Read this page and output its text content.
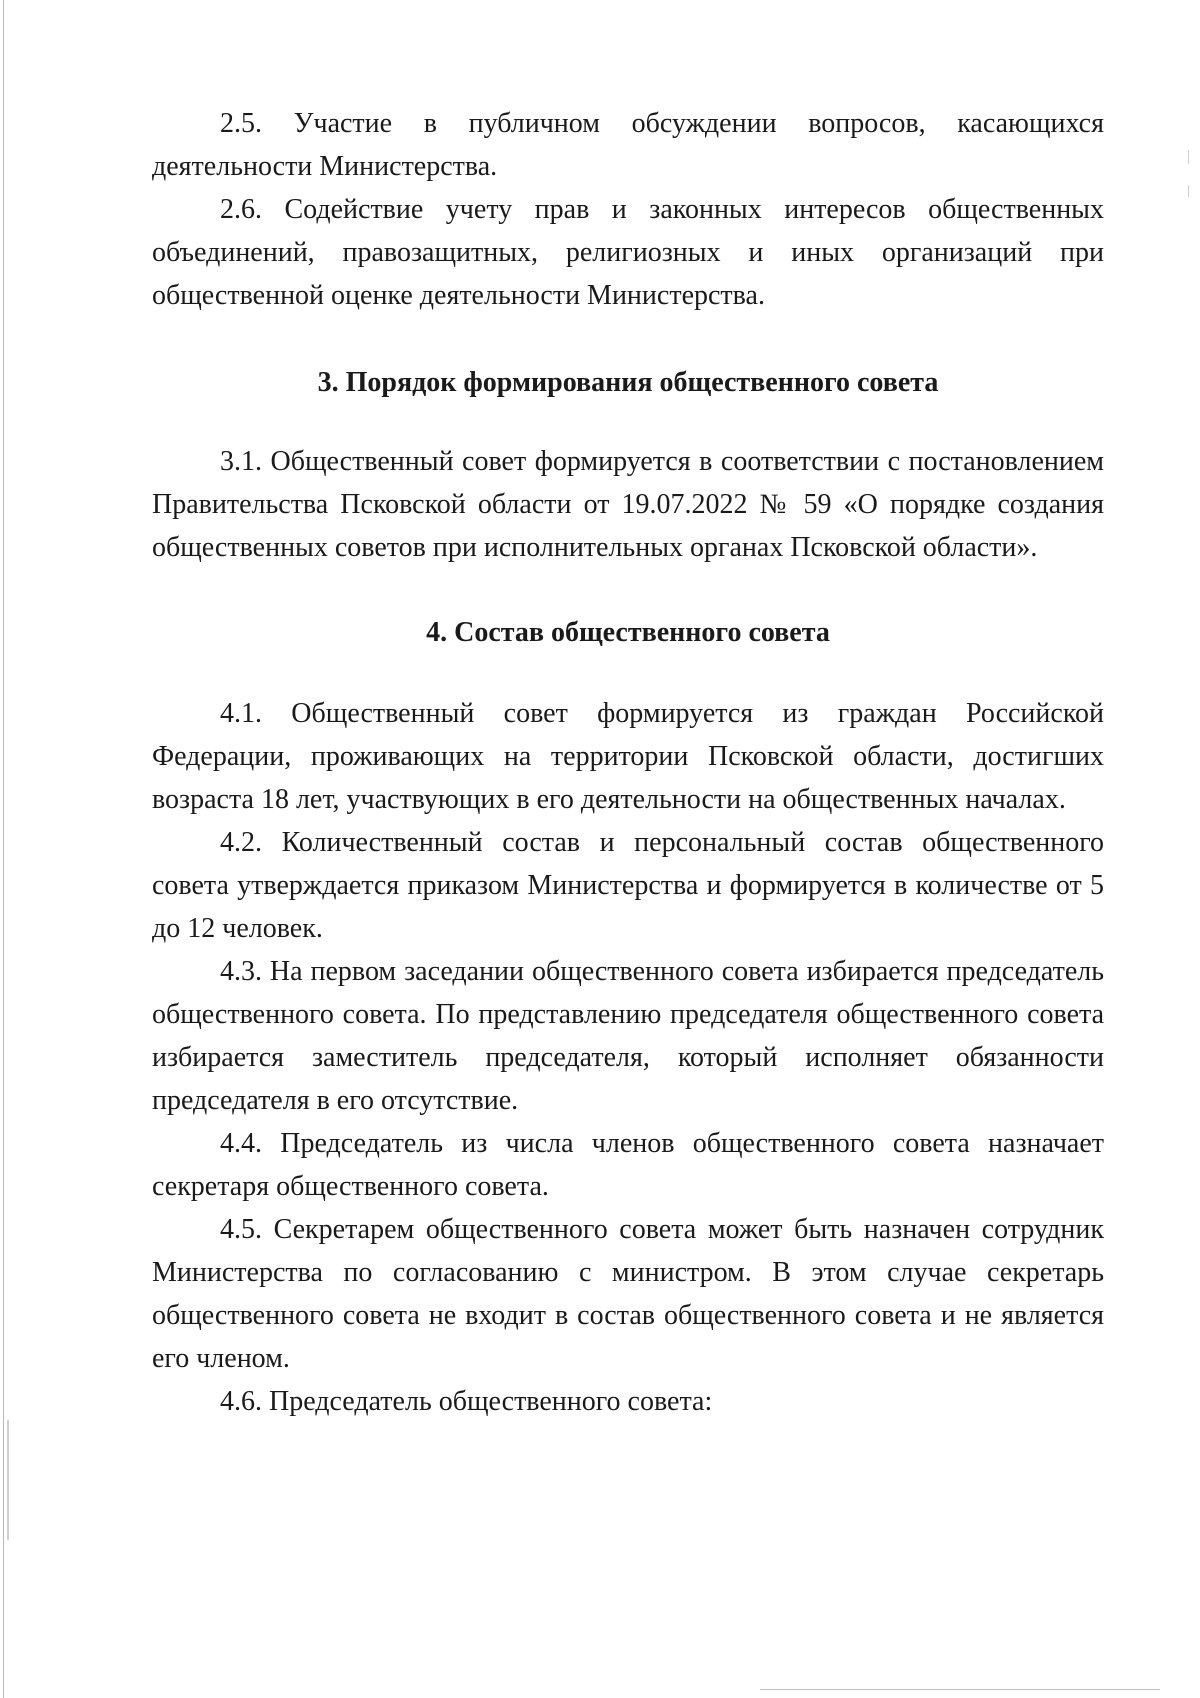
2.5. Участие в публичном обсуждении вопросов, касающихся деятельности Министерства.

2.6. Содействие учету прав и законных интересов общественных объединений, правозащитных, религиозных и иных организаций при общественной оценке деятельности Министерства.

3. Порядок формирования общественного совета

3.1. Общественный совет формируется в соответствии с постановлением Правительства Псковской области от 19.07.2022 № 59 «О порядке создания общественных советов при исполнительных органах Псковской области».

4. Состав общественного совета

4.1. Общественный совет формируется из граждан Российской Федерации, проживающих на территории Псковской области, достигших возраста 18 лет, участвующих в его деятельности на общественных началах.

4.2. Количественный состав и персональный состав общественного совета утверждается приказом Министерства и формируется в количестве от 5 до 12 человек.

4.3. На первом заседании общественного совета избирается председатель общественного совета. По представлению председателя общественного совета избирается заместитель председателя, который исполняет обязанности председателя в его отсутствие.

4.4. Председатель из числа членов общественного совета назначает секретаря общественного совета.

4.5. Секретарем общественного совета может быть назначен сотрудник Министерства по согласованию с министром. В этом случае секретарь общественного совета не входит в состав общественного совета и не является его членом.

4.6. Председатель общественного совета:
